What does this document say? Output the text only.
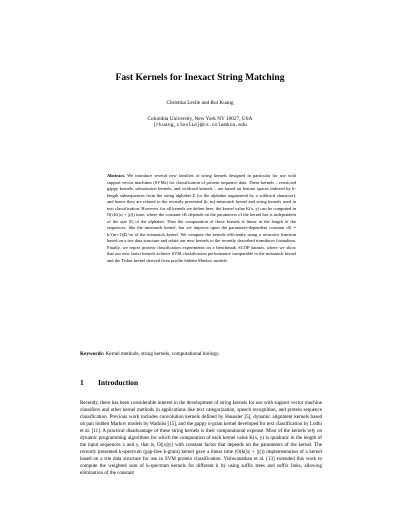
Fast Kernels for Inexact String Matching
Christina Leslie and Rui Kuang
Columbia University, New York NY 10027, USA
{rkuang,cleslie}@cs.columbia.edu
Abstract. We introduce several new families of string kernels designed in particular for use with support vector machines (SVMs) for classification of protein sequence data. These kernels – restricted gappy kernels, substitution kernels, and wildcard kernels – are based on feature spaces indexed by k-length subsequences from the string alphabet Σ (or the alphabet augmented by a wildcard character), and hence they are related to the recently presented (k, m)-mismatch kernel and string kernels used in text classification. However, for all kernels we define here, the kernel value K(x, y) can be computed in O(cK(|x| + |y|)) time, where the constant cK depends on the parameters of the kernel but is independent of the size |Σ| of the alphabet. Thus the computation of these kernels is linear in the length of the sequences, like the mismatch kernel, but we improve upon the parameter-dependent constant cK = k^(m+1)|Σ|^m of the mismatch kernel. We compute the kernels efficiently using a recursive function based on a trie data structure and relate our new kernels to the recently described transducer formalism. Finally, we report protein classification experiments on a benchmark SCOP dataset, where we show that our new faster kernels achieve SVM classification performance comparable to the mismatch kernel and the Fisher kernel derived from profile hidden Markov models.
Keywords: Kernel methods, string kernels, computational biology.
1 Introduction

Recently, there has been considerable interest in the development of string kernels for use with support vector machine classifiers and other kernel methods in applications like text categorization, speech recognition, and protein sequence classification. Previous work includes convolution kernels defined by Haussler [5], dynamic alignment kernels based on pair hidden Markov models by Watkins [15], and the gappy n-gram kernel developed for text classification by Lodhi et al. [11]. A practical disadvantage of these string kernels is their computational expense. Most of the kernels rely on dynamic programming algorithms for which the computation of each kernel value K(x, y) is quadratic in the length of the input sequences x and y, that is, O(|x||y|) with constant factor that depends on the parameters of the kernel. The recently presented k-spectrum (gap-free k-gram) kernel gave a linear time (O(k(|x| + |y|)) implementation of a kernel based on a trie data structure for use in SVM protein classification. Vishwanathan et al. [13] extended this work to compute the weighted sum of k-spectrum kernels for different k by using suffix trees and suffix links, allowing elimination of the constant
